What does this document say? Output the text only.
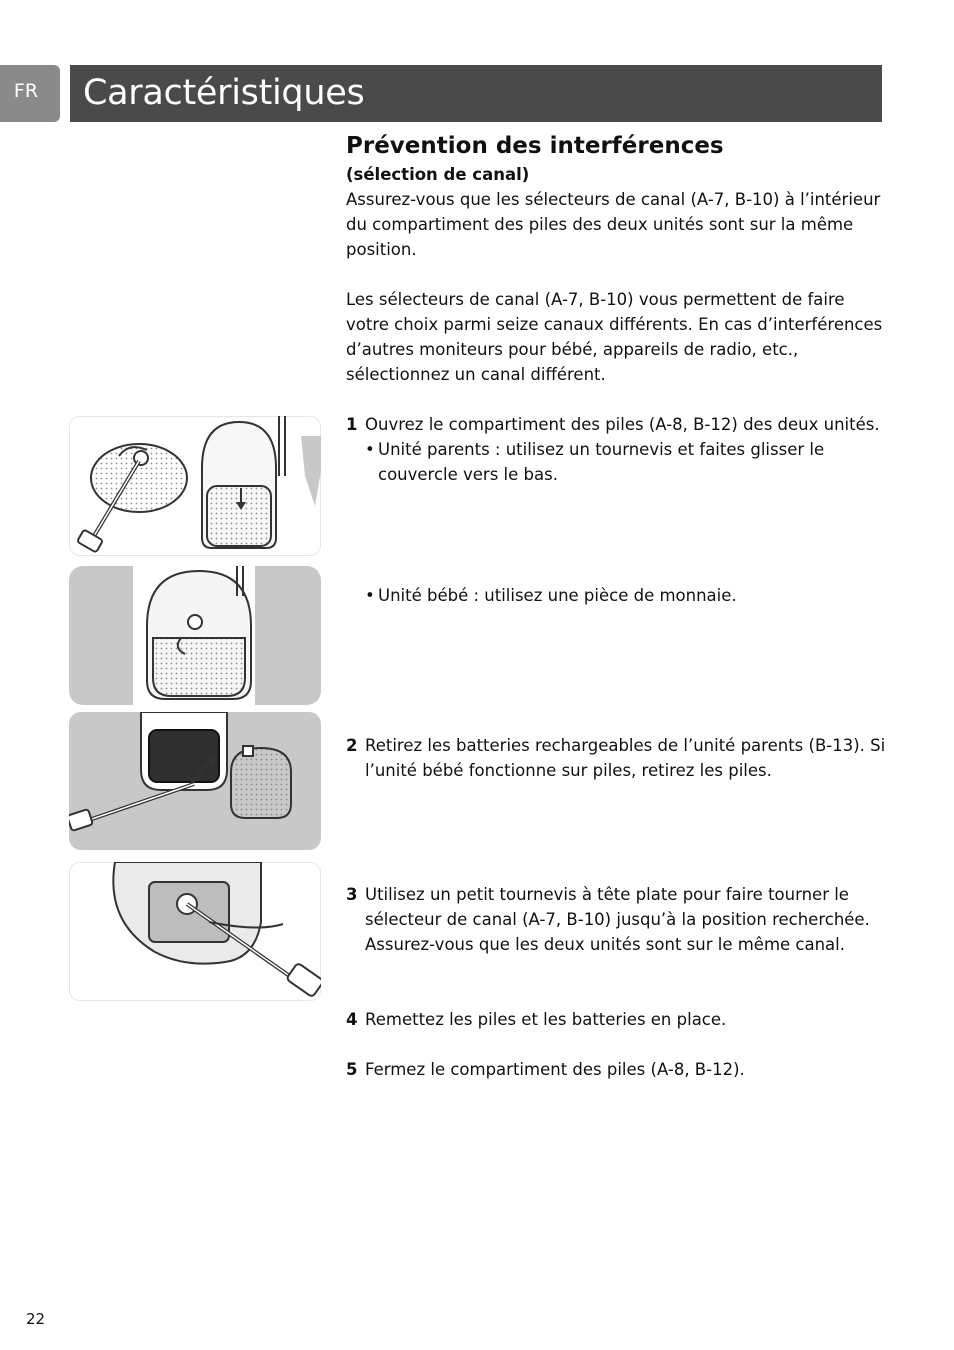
FR	Caractéristiques

Prévention des interférences

(sélection de canal)

Assurez-vous que les sélecteurs de canal (A-7, B-10) à l’intérieur du compartiment des piles des deux unités sont sur la même position.

Les sélecteurs de canal (A-7, B-10) vous permettent de faire votre choix parmi seize canaux différents. En cas d’interférences d’autres moniteurs pour bébé, appareils de radio, etc., sélectionnez un canal différent.

1 Ouvrez le compartiment des piles (A-8, B-12) des deux unités.

• Unité parents : utilisez un tournevis et faites glisser le couvercle vers le bas.

• Unité bébé : utilisez une pièce de monnaie.

2 Retirez les batteries rechargeables de l’unité parents (B-13). Si l’unité bébé fonctionne sur piles, retirez les piles.

3 Utilisez un petit tournevis à tête plate pour faire tourner le sélecteur de canal (A-7, B-10) jusqu’à la position recherchée. Assurez-vous que les deux unités sont sur le même canal.

4 Remettez les piles et les batteries en place.

5 Fermez le compartiment des piles (A-8, B-12).

22
